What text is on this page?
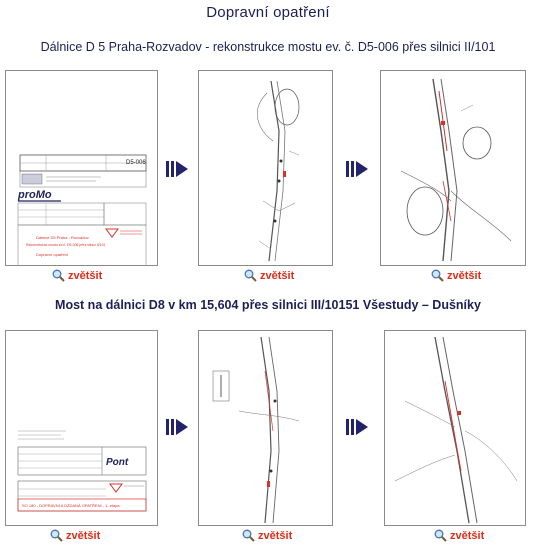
Dopravní opatření
Dálnice D 5 Praha-Rozvadov - rekonstrukce mostu ev. č. D5-006 přes silnici II/101
D5-006
proMo
Dálnice D5 Praha - Rozvadov
Rekonstrukce mostu ev.č. D5-006 přes silnici II/101
Dopravní opatření
zvětšit	zvětšit	zvětšit
Most na dálnici D8 v km 15,604 přes silnici III/10151 Všestudy – Dušníky
Pont
SO 180 - DOPRAVNÍ A DŽDANÁ OPATŘENÍ - 1. etapa
zvětšit	zvětšit	zvětšit
